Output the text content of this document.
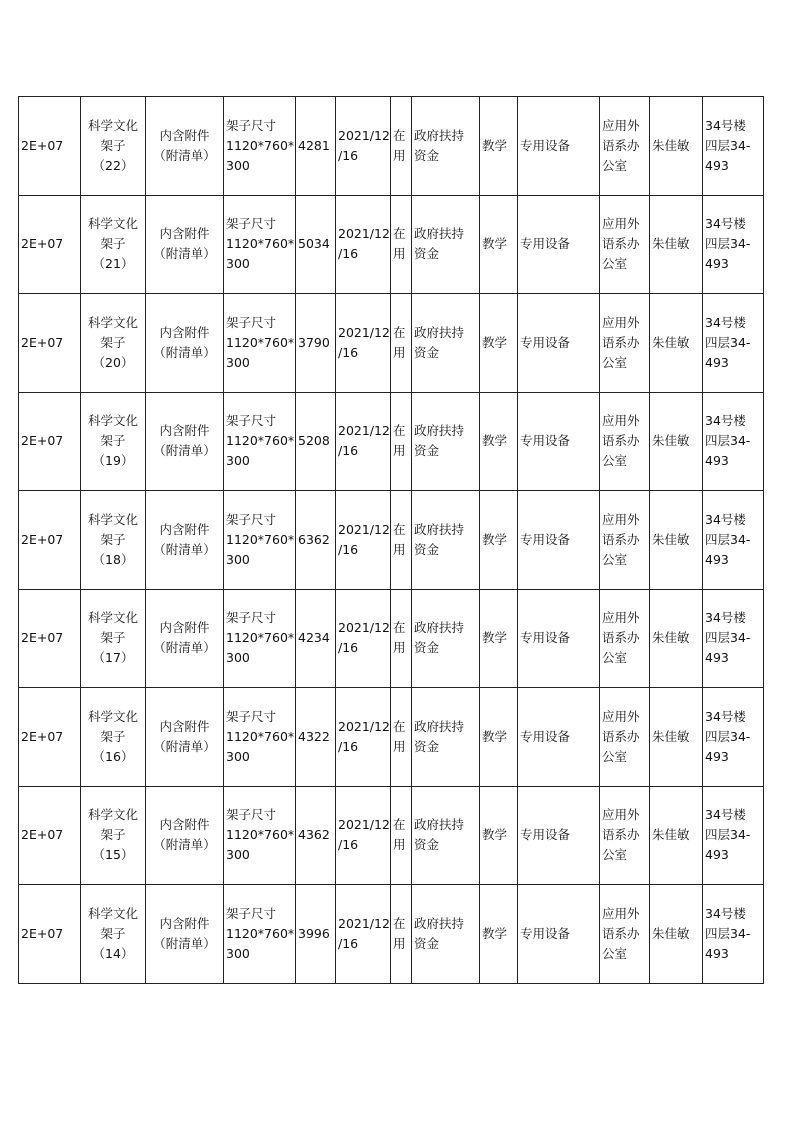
2E+07	科学文化
架子
（22）	内含附件
（附清单）	架子尺寸
1120*760*
300	4281	2021/12
/16	在
用	政府扶持
资金	教学	专用设备	应用外
语系办
公室	朱佳敏	34号楼
四层34-
493

2E+07	科学文化
架子
（21）	内含附件
（附清单）	架子尺寸
1120*760*
300	5034	2021/12
/16	在
用	政府扶持
资金	教学	专用设备	应用外
语系办
公室	朱佳敏	34号楼
四层34-
493

2E+07	科学文化
架子
（20）	内含附件
（附清单）	架子尺寸
1120*760*
300	3790	2021/12
/16	在
用	政府扶持
资金	教学	专用设备	应用外
语系办
公室	朱佳敏	34号楼
四层34-
493

2E+07	科学文化
架子
（19）	内含附件
（附清单）	架子尺寸
1120*760*
300	5208	2021/12
/16	在
用	政府扶持
资金	教学	专用设备	应用外
语系办
公室	朱佳敏	34号楼
四层34-
493

2E+07	科学文化
架子
（18）	内含附件
（附清单）	架子尺寸
1120*760*
300	6362	2021/12
/16	在
用	政府扶持
资金	教学	专用设备	应用外
语系办
公室	朱佳敏	34号楼
四层34-
493

2E+07	科学文化
架子
（17）	内含附件
（附清单）	架子尺寸
1120*760*
300	4234	2021/12
/16	在
用	政府扶持
资金	教学	专用设备	应用外
语系办
公室	朱佳敏	34号楼
四层34-
493

2E+07	科学文化
架子
（16）	内含附件
（附清单）	架子尺寸
1120*760*
300	4322	2021/12
/16	在
用	政府扶持
资金	教学	专用设备	应用外
语系办
公室	朱佳敏	34号楼
四层34-
493

2E+07	科学文化
架子
（15）	内含附件
（附清单）	架子尺寸
1120*760*
300	4362	2021/12
/16	在
用	政府扶持
资金	教学	专用设备	应用外
语系办
公室	朱佳敏	34号楼
四层34-
493

2E+07	科学文化
架子
（14）	内含附件
（附清单）	架子尺寸
1120*760*
300	3996	2021/12
/16	在
用	政府扶持
资金	教学	专用设备	应用外
语系办
公室	朱佳敏	34号楼
四层34-
493
